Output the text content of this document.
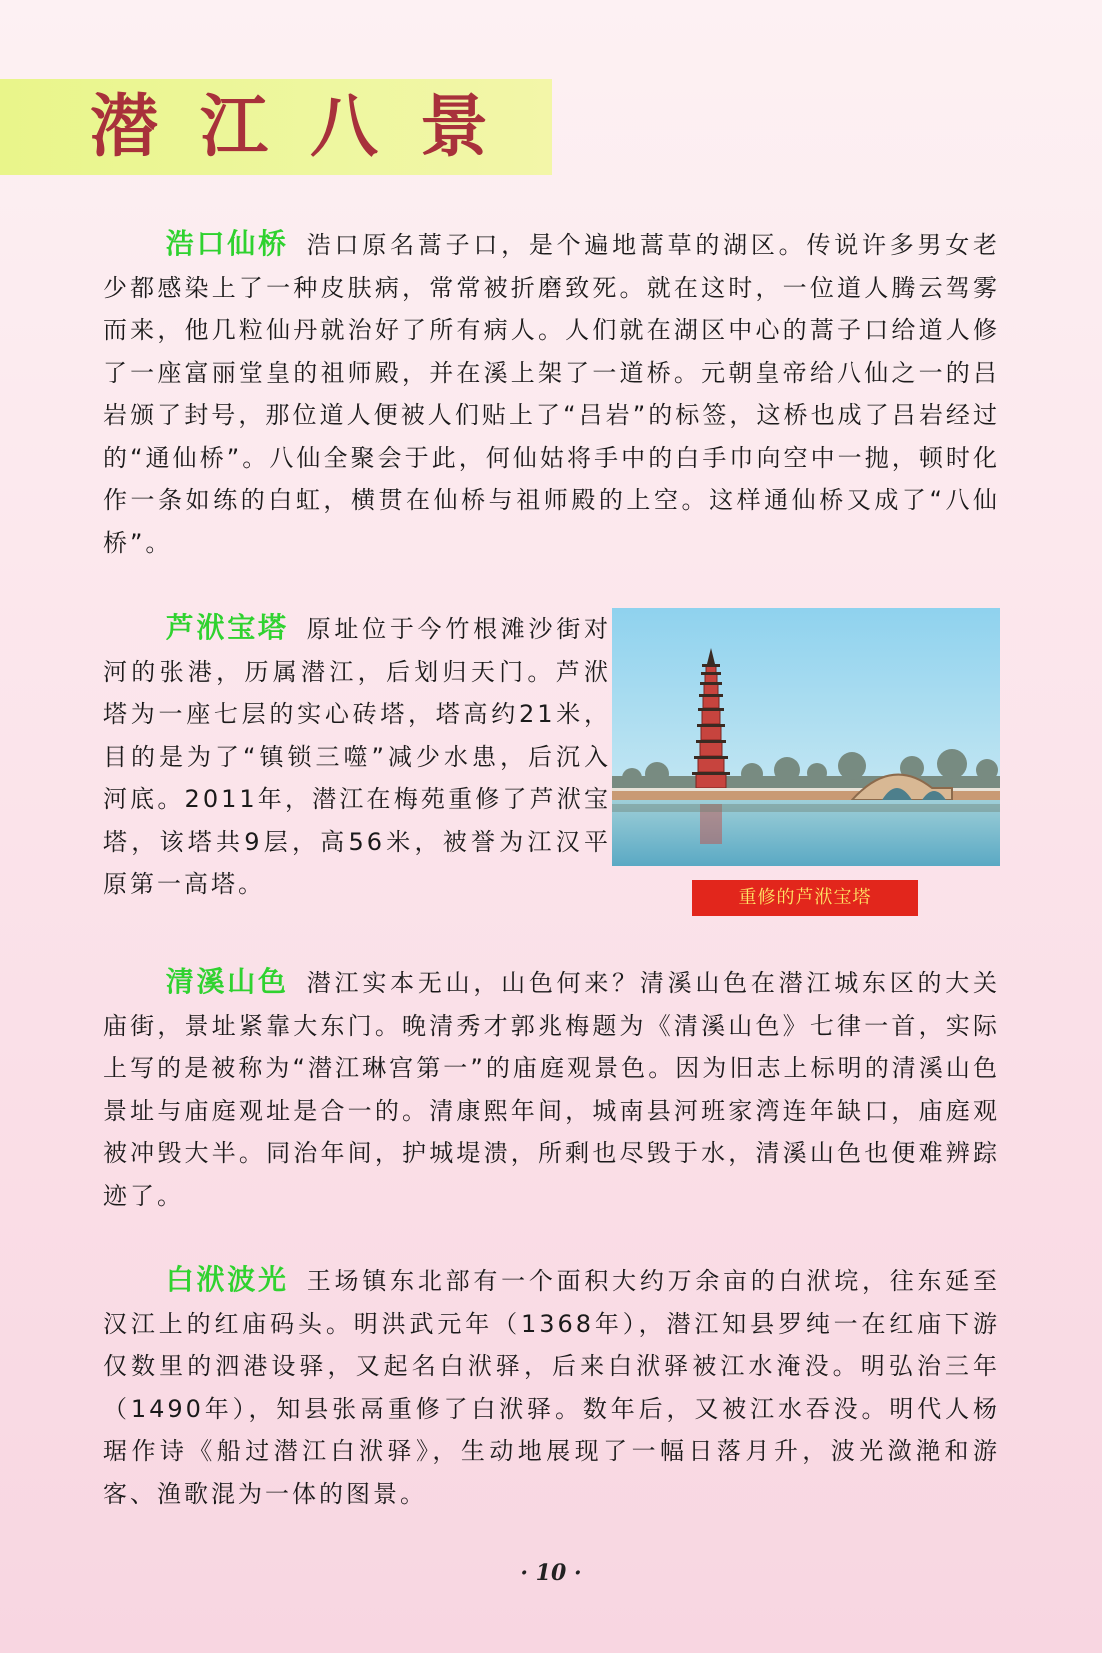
潜江八景
浩口仙桥 浩口原名蒿子口，是个遍地蒿草的湖区。传说许多男女老少都感染上了一种皮肤病，常常被折磨致死。就在这时，一位道人腾云驾雾而来，他几粒仙丹就治好了所有病人。人们就在湖区中心的蒿子口给道人修了一座富丽堂皇的祖师殿，并在溪上架了一道桥。元朝皇帝给八仙之一的吕岩颁了封号，那位道人便被人们贴上了“吕岩”的标签，这桥也成了吕岩经过的“通仙桥”。八仙全聚会于此，何仙姑将手中的白手巾向空中一抛，顿时化作一条如练的白虹，横贯在仙桥与祖师殿的上空。这样通仙桥又成了“八仙桥”。
芦洑宝塔 原址位于今竹根滩沙街对河的张港，历属潜江，后划归天门。芦洑塔为一座七层的实心砖塔，塔高约21米，目的是为了“镇锁三噬”减少水患，后沉入河底。2011年，潜江在梅苑重修了芦洑宝塔，该塔共9层，高56米，被誉为江汉平原第一高塔。	重修的芦洑宝塔
清溪山色 潜江实本无山，山色何来？清溪山色在潜江城东区的大关庙街，景址紧靠大东门。晚清秀才郭兆梅题为《清溪山色》七律一首，实际上写的是被称为“潜江琳宫第一”的庙庭观景色。因为旧志上标明的清溪山色景址与庙庭观址是合一的。清康熙年间，城南县河班家湾连年缺口，庙庭观被冲毁大半。同治年间，护城堤溃，所剩也尽毁于水，清溪山色也便难辨踪迹了。
白洑波光 王场镇东北部有一个面积大约万余亩的白洑垸，往东延至汉江上的红庙码头。明洪武元年（1368年），潜江知县罗纯一在红庙下游仅数里的泗港设驿，又起名白洑驿，后来白洑驿被江水淹没。明弘治三年（1490年），知县张鬲重修了白洑驿。数年后，又被江水吞没。明代人杨琚作诗《船过潜江白洑驿》，生动地展现了一幅日落月升，波光潋滟和游客、渔歌混为一体的图景。
· 10 ·
